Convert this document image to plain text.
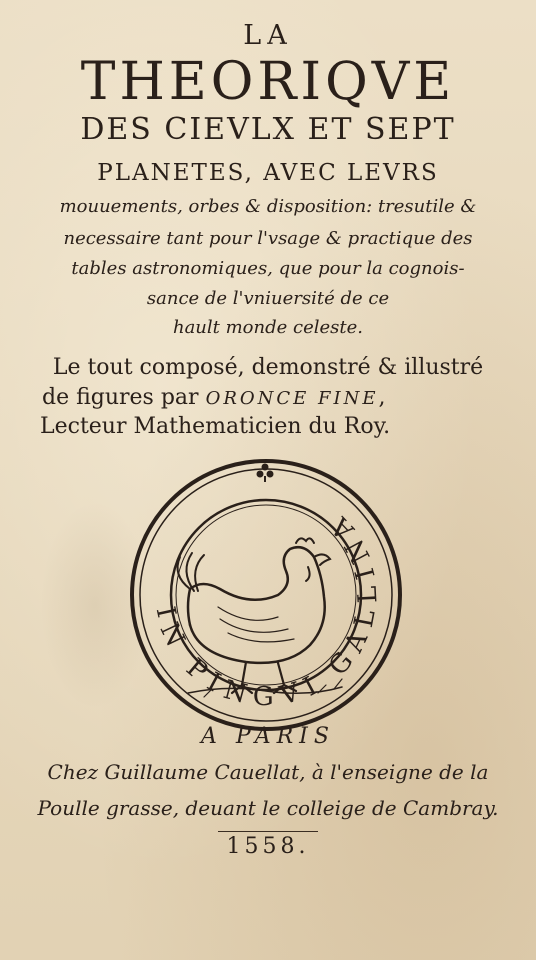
LA
THEORIQVE
DES CIEVLX ET SEPT
PLANETES, AVEC LEVRS
mouuements, orbes & disposition: tresutile &
necessaire tant pour l'vsage & practique des
tables astronomiques, que pour la cognois-
sance de l'vniuersité de ce
hault monde celeste.
Le tout composé, demonstré & illustré
de figures par ORONCE FINE,
Lecteur Mathematicien du Roy.
IN PINGVI GALLINA
A PARIS
Chez Guillaume Cauellat, à l'enseigne de la
Poulle grasse, deuant le colleige de Cambray.
1558.
